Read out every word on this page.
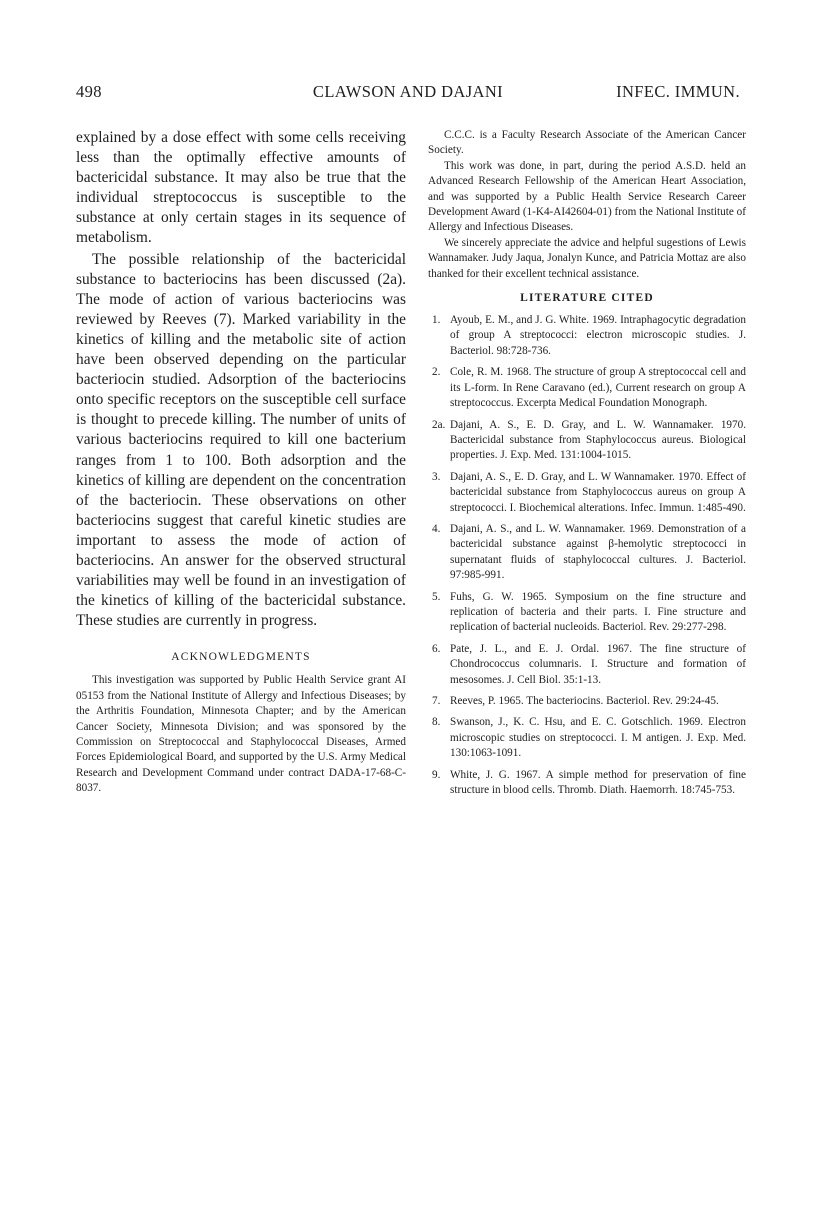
498	CLAWSON AND DAJANI	INFEC. IMMUN.

explained by a dose effect with some cells receiving less than the optimally effective amounts of bactericidal substance. It may also be true that the individual streptococcus is susceptible to the substance at only certain stages in its sequence of metabolism.

The possible relationship of the bactericidal substance to bacteriocins has been discussed (2a). The mode of action of various bacteriocins was reviewed by Reeves (7). Marked variability in the kinetics of killing and the metabolic site of action have been observed depending on the particular bacteriocin studied. Adsorption of the bacteriocins onto specific receptors on the susceptible cell surface is thought to precede killing. The number of units of various bacteriocins required to kill one bacterium ranges from 1 to 100. Both adsorption and the kinetics of killing are dependent on the concentration of the bacteriocin. These observations on other bacteriocins suggest that careful kinetic studies are important to assess the mode of action of bacteriocins. An answer for the observed structural variabilities may well be found in an investigation of the kinetics of killing of the bactericidal substance. These studies are currently in progress.

ACKNOWLEDGMENTS

This investigation was supported by Public Health Service grant AI 05153 from the National Institute of Allergy and Infectious Diseases; by the Arthritis Foundation, Minnesota Chapter; and by the American Cancer Society, Minnesota Division; and was sponsored by the Commission on Streptococcal and Staphylococcal Diseases, Armed Forces Epidemiological Board, and supported by the U.S. Army Medical Research and Development Command under contract DADA-17-68-C-8037.

C.C.C. is a Faculty Research Associate of the American Cancer Society.

This work was done, in part, during the period A.S.D. held an Advanced Research Fellowship of the American Heart Association, and was supported by a Public Health Service Research Career Development Award (1-K4-AI42604-01) from the National Institute of Allergy and Infectious Diseases.

We sincerely appreciate the advice and helpful sugestions of Lewis Wannamaker. Judy Jaqua, Jonalyn Kunce, and Patricia Mottaz are also thanked for their excellent technical assistance.

LITERATURE CITED
1. Ayoub, E. M., and J. G. White. 1969. Intraphagocytic degradation of group A streptococci: electron microscopic studies. J. Bacteriol. 98:728-736.
2. Cole, R. M. 1968. The structure of group A streptococcal cell and its L-form. In Rene Caravano (ed.), Current research on group A streptococcus. Excerpta Medical Foundation Monograph.
2a. Dajani, A. S., E. D. Gray, and L. W. Wannamaker. 1970. Bactericidal substance from Staphylococcus aureus. Biological properties. J. Exp. Med. 131:1004-1015.
3. Dajani, A. S., E. D. Gray, and L. W Wannamaker. 1970. Effect of bactericidal substance from Staphylococcus aureus on group A streptococci. I. Biochemical alterations. Infec. Immun. 1:485-490.
4. Dajani, A. S., and L. W. Wannamaker. 1969. Demonstration of a bactericidal substance against β-hemolytic streptococci in supernatant fluids of staphylococcal cultures. J. Bacteriol. 97:985-991.
5. Fuhs, G. W. 1965. Symposium on the fine structure and replication of bacteria and their parts. I. Fine structure and replication of bacterial nucleoids. Bacteriol. Rev. 29:277-298.
6. Pate, J. L., and E. J. Ordal. 1967. The fine structure of Chondrococcus columnaris. I. Structure and formation of mesosomes. J. Cell Biol. 35:1-13.
7. Reeves, P. 1965. The bacteriocins. Bacteriol. Rev. 29:24-45.
8. Swanson, J., K. C. Hsu, and E. C. Gotschlich. 1969. Electron microscopic studies on streptococci. I. M antigen. J. Exp. Med. 130:1063-1091.
9. White, J. G. 1967. A simple method for preservation of fine structure in blood cells. Thromb. Diath. Haemorrh. 18:745-753.
